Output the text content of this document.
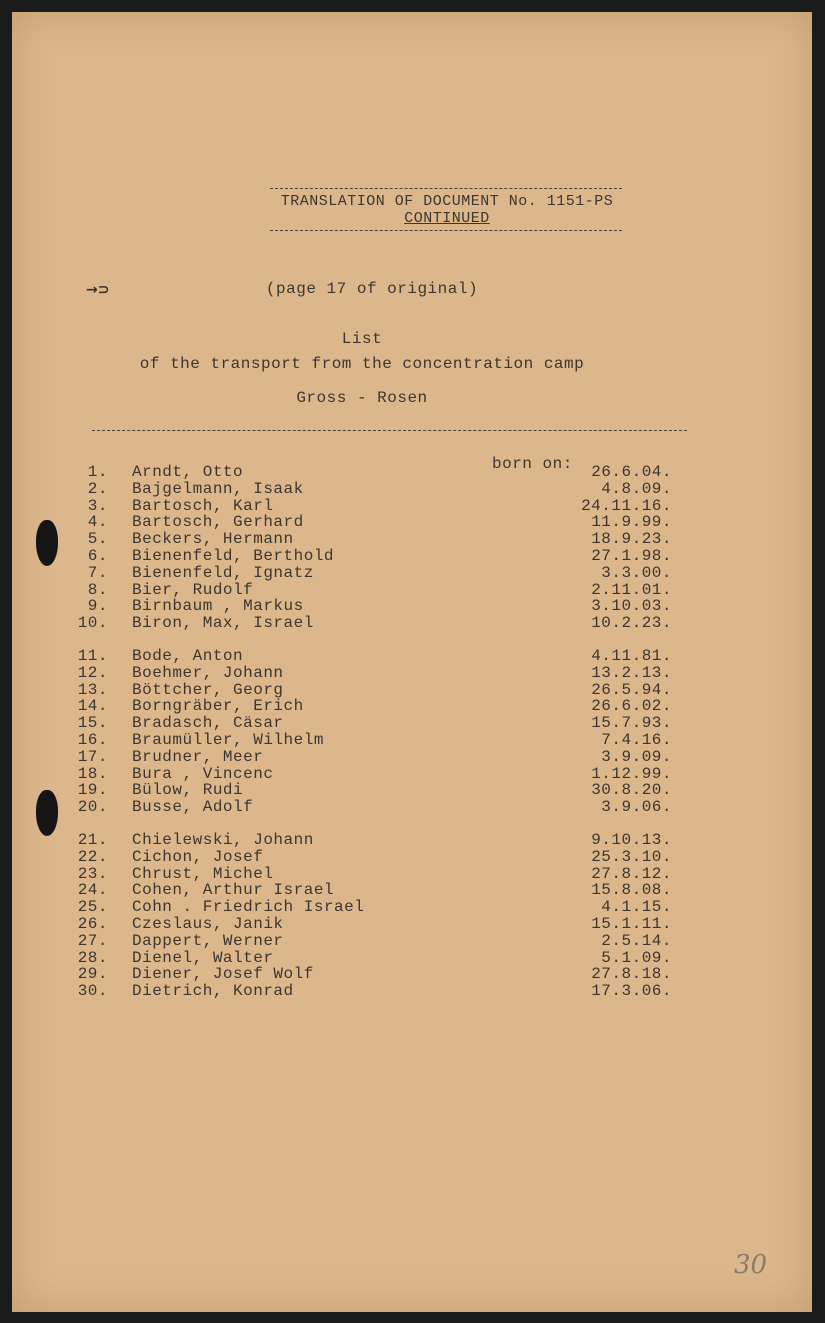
TRANSLATION OF DOCUMENT No. 1151-PS
CONTINUED
→⊃	(page 17 of original)
List
of the transport from the concentration camp
Gross - Rosen
born on:
1. Arndt, Otto	26.6.04.
2. Bajgelmann, Isaak	4.8.09.
3. Bartosch, Karl	24.11.16.
4. Bartosch, Gerhard	11.9.99.
5. Beckers, Hermann	18.9.23.
6. Bienenfeld, Berthold	27.1.98.
7. Bienenfeld, Ignatz	3.3.00.
8. Bier, Rudolf	2.11.01.
9. Birnbaum , Markus	3.10.03.
10. Biron, Max, Israel	10.2.23.
11. Bode, Anton	4.11.81.
12. Boehmer, Johann	13.2.13.
13. Böttcher, Georg	26.5.94.
14. Borngräber, Erich	26.6.02.
15. Bradasch, Cäsar	15.7.93.
16. Braumüller, Wilhelm	7.4.16.
17. Brudner, Meer	3.9.09.
18. Bura , Vincenc	1.12.99.
19. Bülow, Rudi	30.8.20.
20. Busse, Adolf	3.9.06.
21. Chielewski, Johann	9.10.13.
22. Cichon, Josef	25.3.10.
23. Chrust, Michel	27.8.12.
24. Cohen, Arthur Israel	15.8.08.
25. Cohn . Friedrich Israel	4.1.15.
26. Czeslaus, Janik	15.1.11.
27. Dappert, Werner	2.5.14.
28. Dienel, Walter	5.1.09.
29. Diener, Josef Wolf	27.8.18.
30. Dietrich, Konrad	17.3.06.
30
